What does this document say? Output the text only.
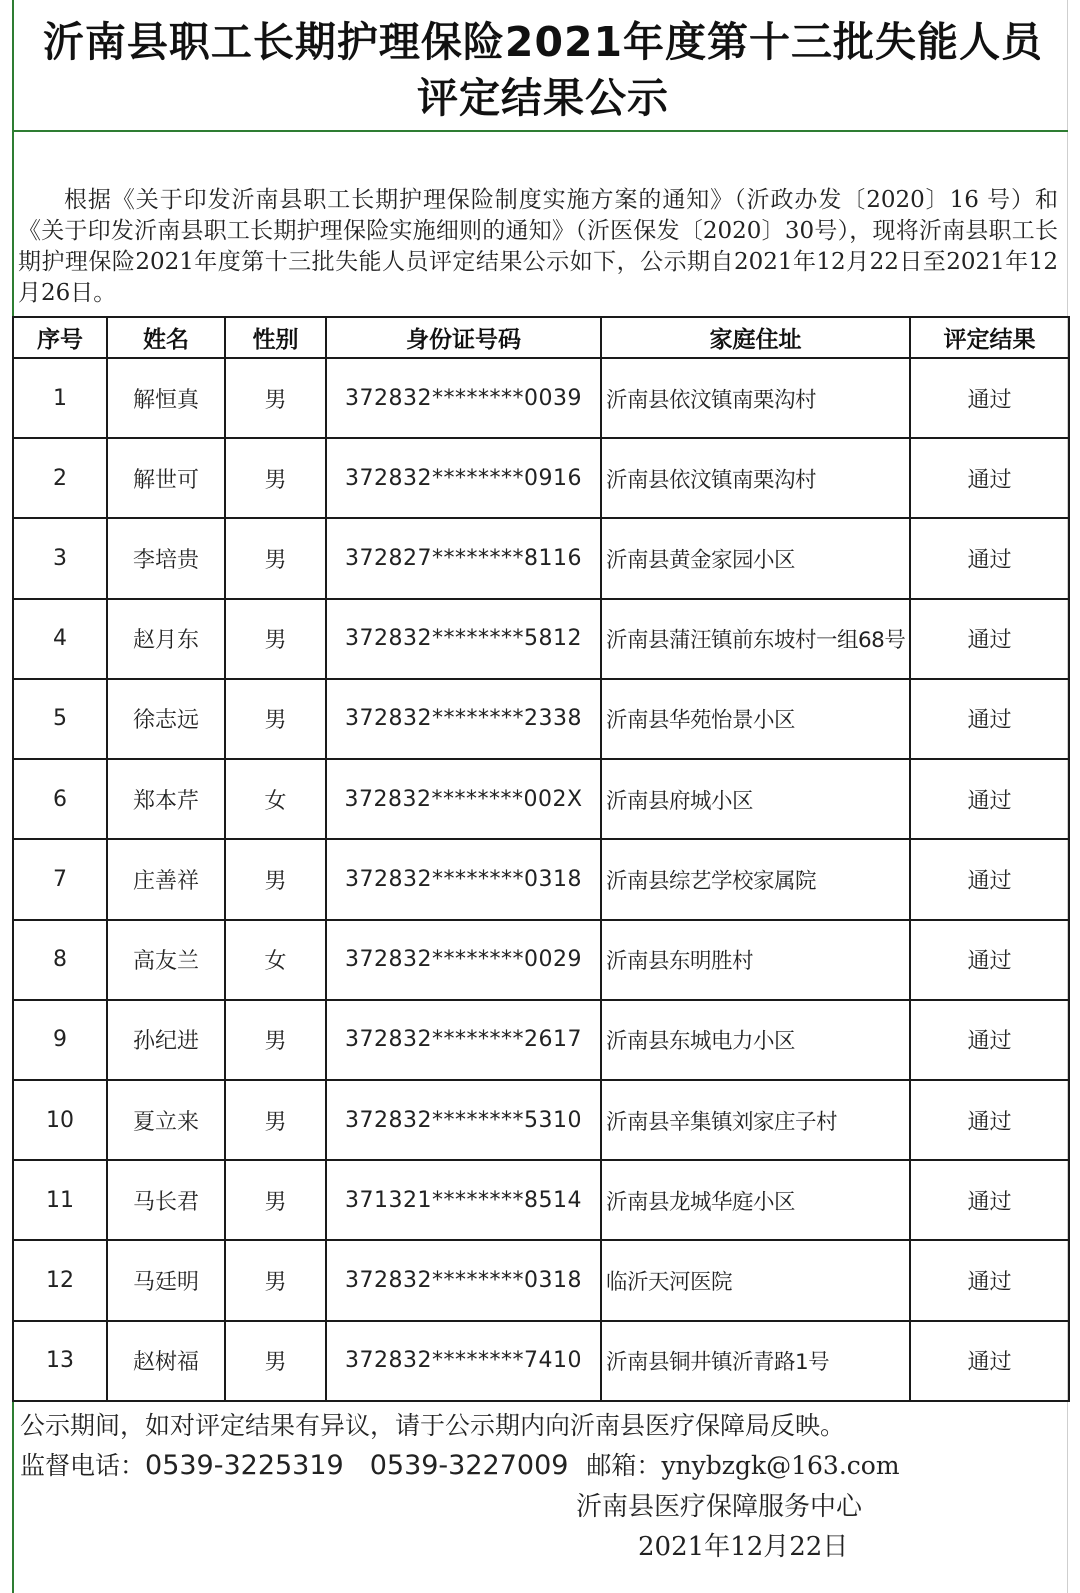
沂南县职工长期护理保险2021年度第十三批失能人员评定结果公示

根据《关于印发沂南县职工长期护理保险制度实施方案的通知》（沂政办发〔2020〕16 号）和《关于印发沂南县职工长期护理保险实施细则的通知》（沂医保发〔2020〕30号），现将沂南县职工长期护理保险2021年度第十三批失能人员评定结果公示如下，公示期自2021年12月22日至2021年12月26日。

序号	姓名	性别	身份证号码	家庭住址	评定结果
1	解恒真	男	372832********0039	沂南县依汶镇南栗沟村	通过
2	解世可	男	372832********0916	沂南县依汶镇南栗沟村	通过
3	李培贵	男	372827********8116	沂南县黄金家园小区	通过
4	赵月东	男	372832********5812	沂南县蒲汪镇前东坡村一组68号	通过
5	徐志远	男	372832********2338	沂南县华苑怡景小区	通过
6	郑本芹	女	372832********002X	沂南县府城小区	通过
7	庄善祥	男	372832********0318	沂南县综艺学校家属院	通过
8	高友兰	女	372832********0029	沂南县东明胜村	通过
9	孙纪进	男	372832********2617	沂南县东城电力小区	通过
10	夏立来	男	372832********5310	沂南县辛集镇刘家庄子村	通过
11	马长君	男	371321********8514	沂南县龙城华庭小区	通过
12	马廷明	男	372832********0318	临沂天河医院	通过
13	赵树福	男	372832********7410	沂南县铜井镇沂青路1号	通过
公示期间，如对评定结果有异议，请于公示期内向沂南县医疗保障局反映。
监督电话：0539-3225319 0539-3227009 邮箱：ynybzgk@163.com
沂南县医疗保障服务中心
2021年12月22日
